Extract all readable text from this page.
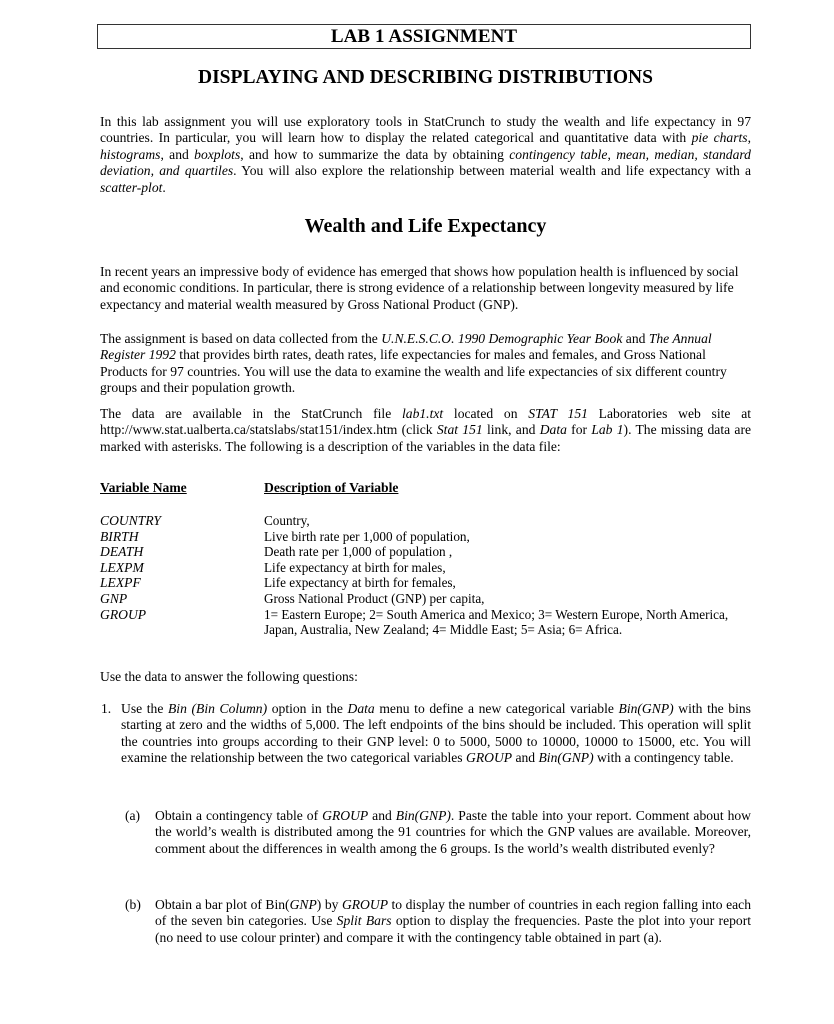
LAB 1 ASSIGNMENT
DISPLAYING AND DESCRIBING DISTRIBUTIONS

In this lab assignment you will use exploratory tools in StatCrunch to study the wealth and life expectancy in 97 countries. In particular, you will learn how to display the related categorical and quantitative data with pie charts, histograms, and boxplots, and how to summarize the data by obtaining contingency table, mean, median, standard deviation, and quartiles. You will also explore the relationship between material wealth and life expectancy with a scatter-plot.

Wealth and Life Expectancy

In recent years an impressive body of evidence has emerged that shows how population health is influenced by social and economic conditions. In particular, there is strong evidence of a relationship between longevity measured by life expectancy and material wealth measured by Gross National Product (GNP).

The assignment is based on data collected from the U.N.E.S.C.O. 1990 Demographic Year Book and The Annual Register 1992 that provides birth rates, death rates, life expectancies for males and females, and Gross National Products for 97 countries. You will use the data to examine the wealth and life expectancies of six different country groups and their population growth.

The data are available in the StatCrunch file lab1.txt located on STAT 151 Laboratories web site at http://www.stat.ualberta.ca/statslabs/stat151/index.htm (click Stat 151 link, and Data for Lab 1). The missing data are marked with asterisks. The following is a description of the variables in the data file:

Variable Name	Description of Variable
COUNTRY	Country,
BIRTH	Live birth rate per 1,000 of population,
DEATH	Death rate per 1,000 of population ,
LEXPM	Life expectancy at birth for males,
LEXPF	Life expectancy at birth for females,
GNP	Gross National Product (GNP) per capita,
GROUP	1= Eastern Europe; 2= South America and Mexico; 3= Western Europe, North America, Japan, Australia, New Zealand; 4= Middle East; 5= Asia; 6= Africa.

Use the data to answer the following questions:

1. Use the Bin (Bin Column) option in the Data menu to define a new categorical variable Bin(GNP) with the bins starting at zero and the widths of 5,000. The left endpoints of the bins should be included. This operation will split the countries into groups according to their GNP level: 0 to 5000, 5000 to 10000, 10000 to 15000, etc. You will examine the relationship between the two categorical variables GROUP and Bin(GNP) with a contingency table.
(a) Obtain a contingency table of GROUP and Bin(GNP). Paste the table into your report. Comment about how the world’s wealth is distributed among the 91 countries for which the GNP values are available. Moreover, comment about the differences in wealth among the 6 groups. Is the world’s wealth distributed evenly?
(b) Obtain a bar plot of Bin(GNP) by GROUP to display the number of countries in each region falling into each of the seven bin categories. Use Split Bars option to display the frequencies. Paste the plot into your report (no need to use colour printer) and compare it with the contingency table obtained in part (a).
